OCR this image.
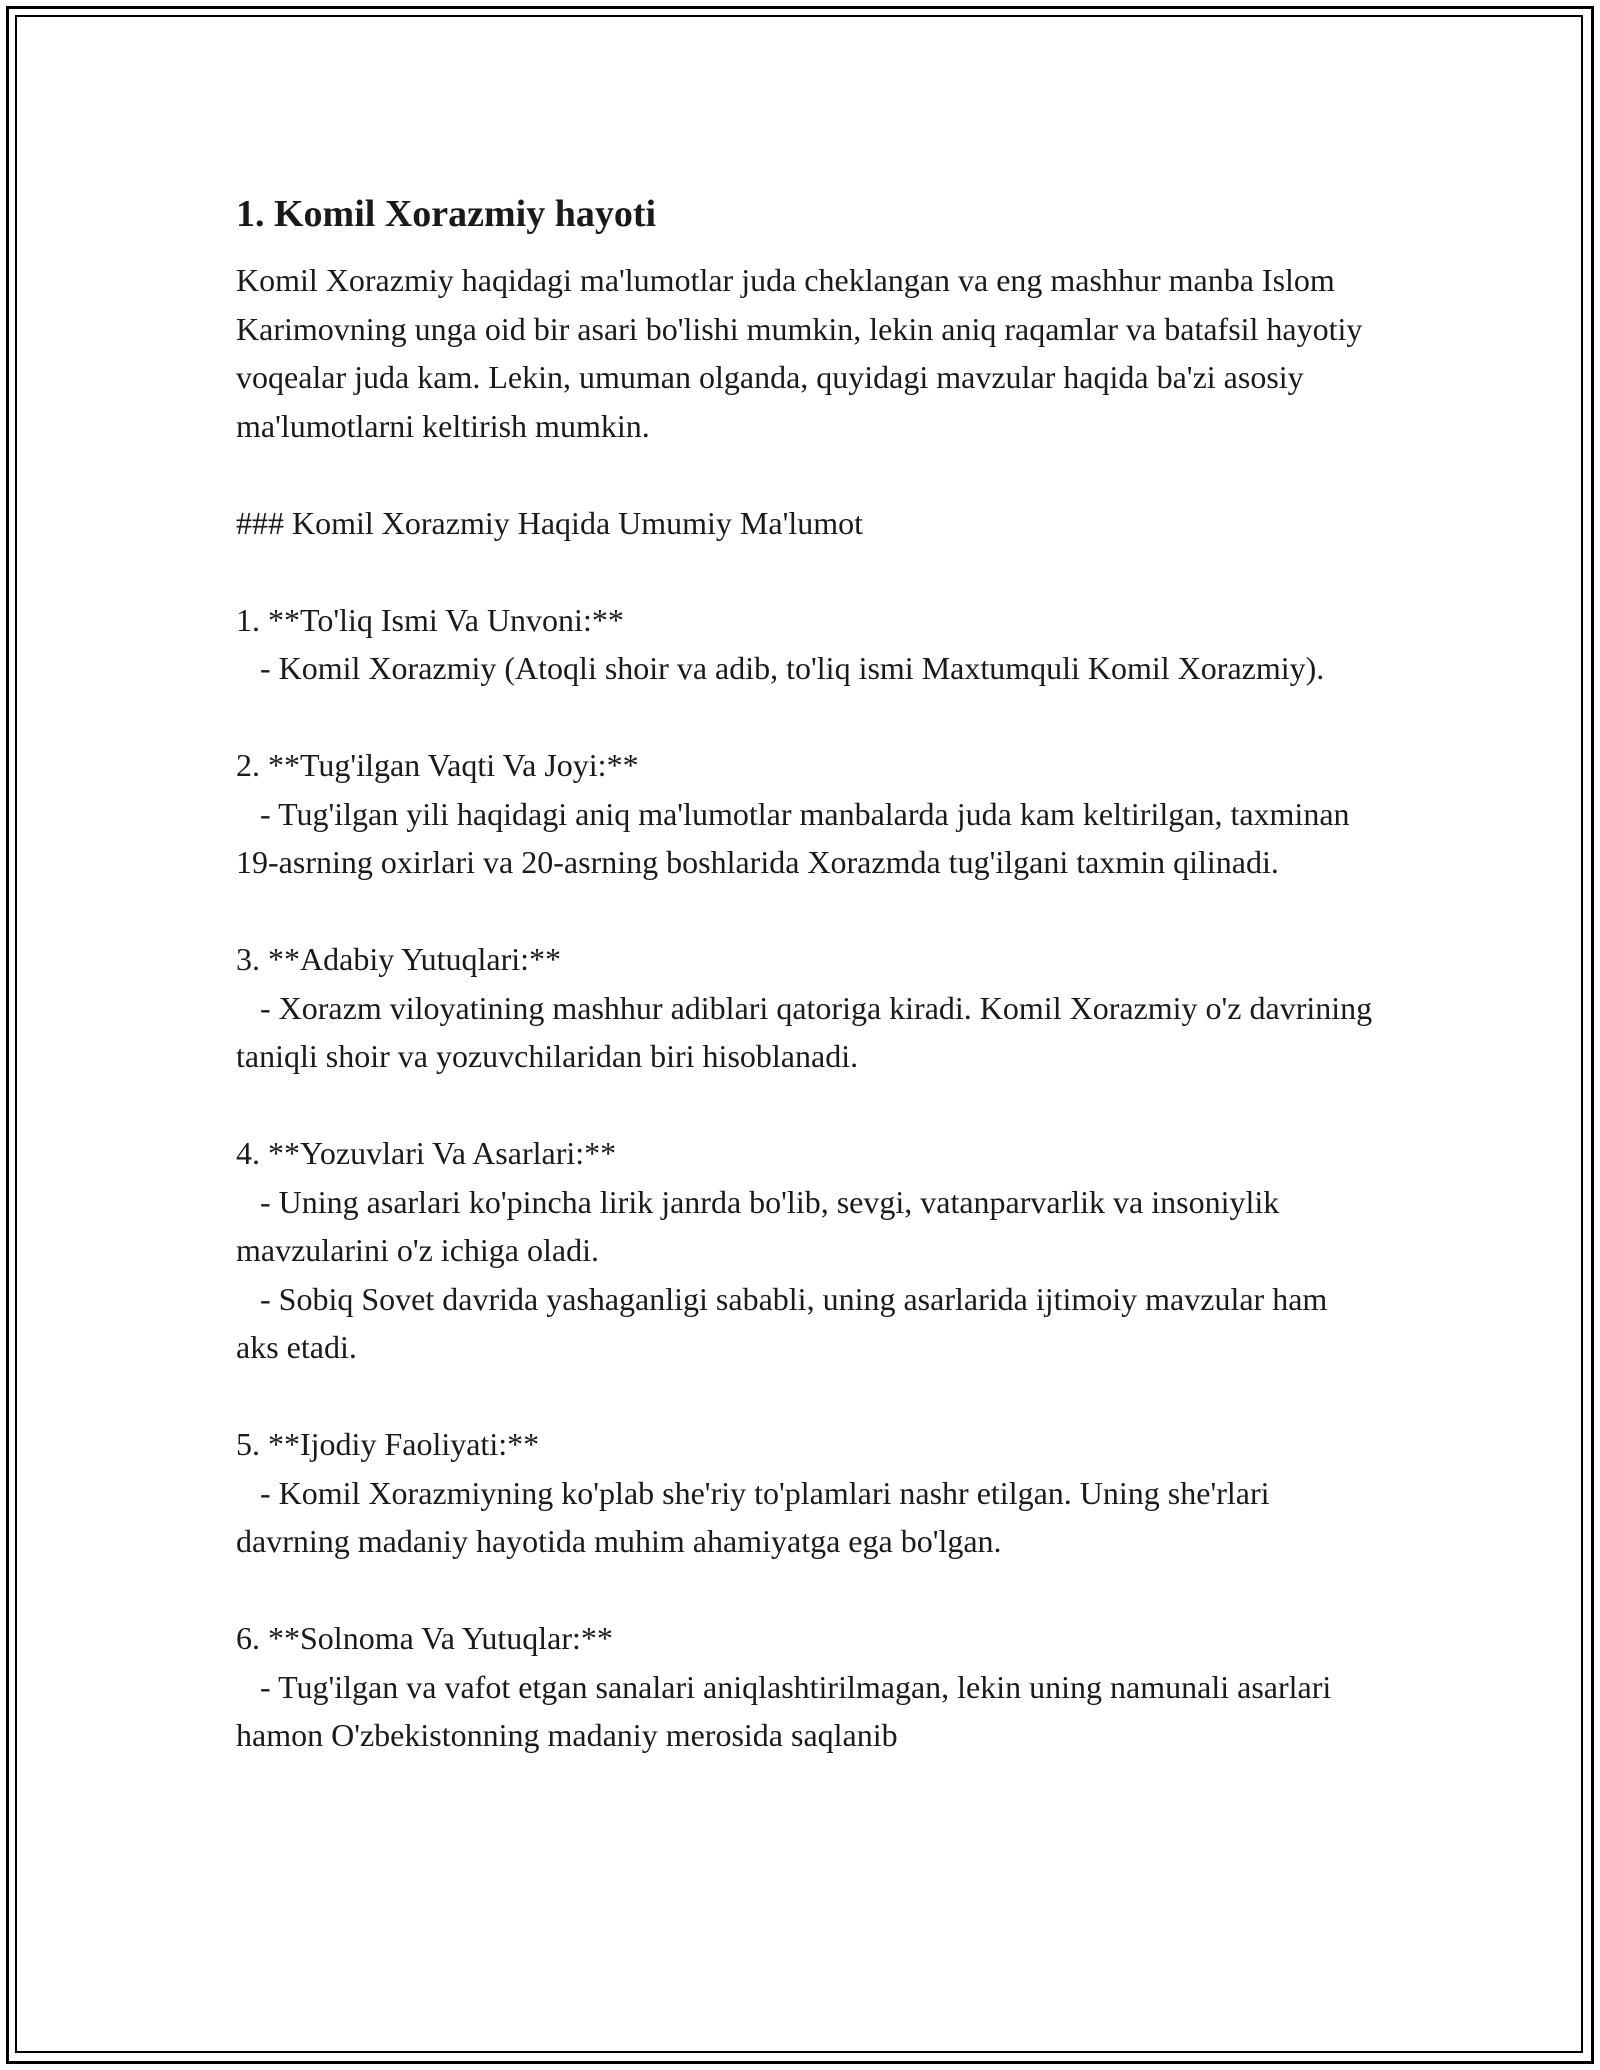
1. Komil Xorazmiy hayoti
Komil Xorazmiy haqidagi ma'lumotlar juda cheklangan va eng mashhur manba Islom Karimovning unga oid bir asari bo'lishi mumkin, lekin aniq raqamlar va batafsil hayotiy voqealar juda kam. Lekin, umuman olganda, quyidagi mavzular haqida ba'zi asosiy ma'lumotlarni keltirish mumkin.

### Komil Xorazmiy Haqida Umumiy Ma'lumot

1. **To'liq Ismi Va Unvoni:**
- Komil Xorazmiy (Atoqli shoir va adib, to'liq ismi Maxtumquli Komil Xorazmiy).

2. **Tug'ilgan Vaqti Va Joyi:**
- Tug'ilgan yili haqidagi aniq ma'lumotlar manbalarda juda kam keltirilgan, taxminan 19-asrning oxirlari va 20-asrning boshlarida Xorazmda tug'ilgani taxmin qilinadi.

3. **Adabiy Yutuqlari:**
- Xorazm viloyatining mashhur adiblari qatoriga kiradi. Komil Xorazmiy o'z davrining taniqli shoir va yozuvchilaridan biri hisoblanadi.

4. **Yozuvlari Va Asarlari:**
- Uning asarlari ko'pincha lirik janrda bo'lib, sevgi, vatanparvarlik va insoniylik mavzularini o'z ichiga oladi.
- Sobiq Sovet davrida yashaganligi sababli, uning asarlarida ijtimoiy mavzular ham aks etadi.

5. **Ijodiy Faoliyati:**
- Komil Xorazmiyning ko'plab she'riy to'plamlari nashr etilgan. Uning she'rlari davrning madaniy hayotida muhim ahamiyatga ega bo'lgan.

6. **Solnoma Va Yutuqlar:**
- Tug'ilgan va vafot etgan sanalari aniqlashtirilmagan, lekin uning namunali asarlari hamon O'zbekistonning madaniy merosida saqlanib
